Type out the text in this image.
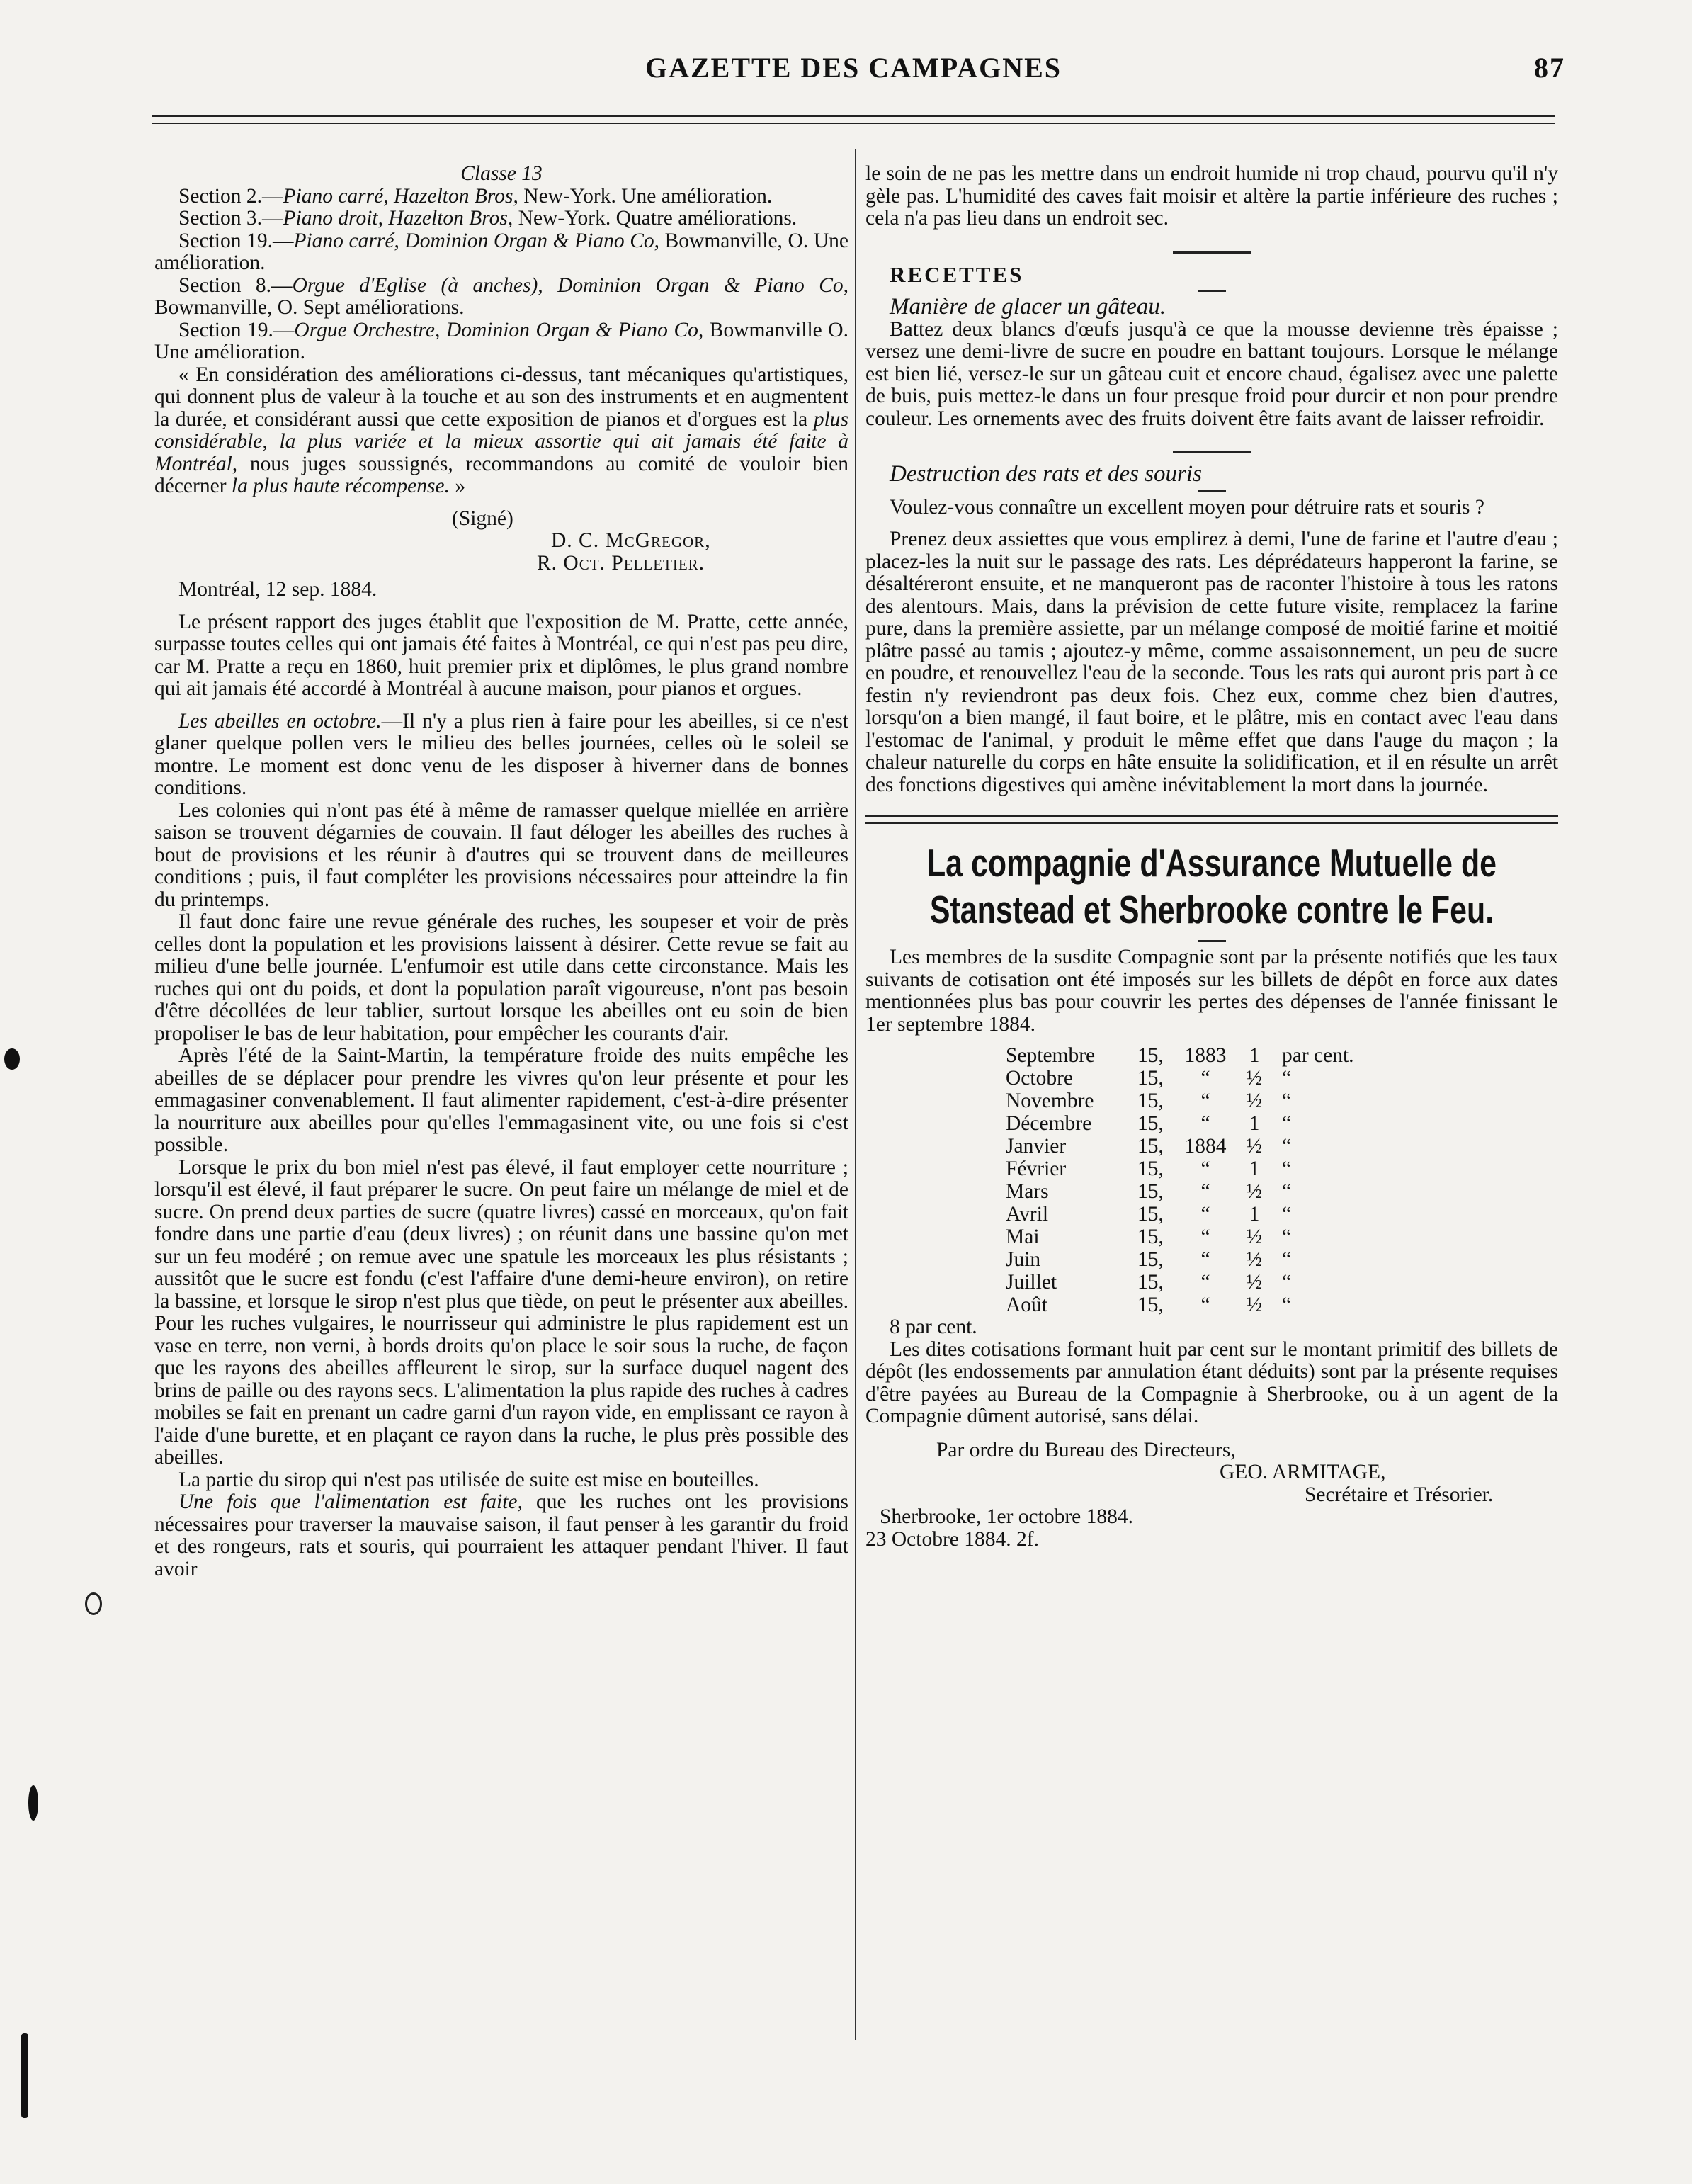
GAZETTE DES CAMPAGNES	87

Classe 13

Section 2.—Piano carré, Hazelton Bros, New-York. Une amélioration.

Section 3.—Piano droit, Hazelton Bros, New-York. Quatre améliorations.

Section 19.—Piano carré, Dominion Organ & Piano Co, Bowmanville, O. Une amélioration.

Section 8.—Orgue d'Eglise (à anches), Dominion Organ & Piano Co, Bowmanville, O. Sept améliorations.

Section 19.—Orgue Orchestre, Dominion Organ & Piano Co, Bowmanville O. Une amélioration.

« En considération des améliorations ci-dessus, tant mécaniques qu'artistiques, qui donnent plus de valeur à la touche et au son des instruments et en augmentent la durée, et considérant aussi que cette exposition de pianos et d'orgues est la plus considérable, la plus variée et la mieux assortie qui ait jamais été faite à Montréal, nous juges soussignés, recommandons au comité de vouloir bien décerner la plus haute récompense. »

(Signé)
D. C. McGregor,
R. Oct. Pelletier.

Montréal, 12 sep. 1884.

Le présent rapport des juges établit que l'exposition de M. Pratte, cette année, surpasse toutes celles qui ont jamais été faites à Montréal, ce qui n'est pas peu dire, car M. Pratte a reçu en 1860, huit premier prix et diplômes, le plus grand nombre qui ait jamais été accordé à Montréal à aucune maison, pour pianos et orgues.

Les abeilles en octobre.—Il n'y a plus rien à faire pour les abeilles, si ce n'est glaner quelque pollen vers le milieu des belles journées, celles où le soleil se montre. Le moment est donc venu de les disposer à hiverner dans de bonnes conditions.

Les colonies qui n'ont pas été à même de ramasser quelque miellée en arrière saison se trouvent dégarnies de couvain. Il faut déloger les abeilles des ruches à bout de provisions et les réunir à d'autres qui se trouvent dans de meilleures conditions ; puis, il faut compléter les provisions nécessaires pour atteindre la fin du printemps.

Il faut donc faire une revue générale des ruches, les soupeser et voir de près celles dont la population et les provisions laissent à désirer. Cette revue se fait au milieu d'une belle journée. L'enfumoir est utile dans cette circonstance. Mais les ruches qui ont du poids, et dont la population paraît vigoureuse, n'ont pas besoin d'être décollées de leur tablier, surtout lorsque les abeilles ont eu soin de bien propoliser le bas de leur habitation, pour empêcher les courants d'air.

Après l'été de la Saint-Martin, la température froide des nuits empêche les abeilles de se déplacer pour prendre les vivres qu'on leur présente et pour les emmagasiner convenablement. Il faut alimenter rapidement, c'est-à-dire présenter la nourriture aux abeilles pour qu'elles l'emmagasinent vite, ou une fois si c'est possible.

Lorsque le prix du bon miel n'est pas élevé, il faut employer cette nourriture ; lorsqu'il est élevé, il faut préparer le sucre. On peut faire un mélange de miel et de sucre. On prend deux parties de sucre (quatre livres) cassé en morceaux, qu'on fait fondre dans une partie d'eau (deux livres) ; on réunit dans une bassine qu'on met sur un feu modéré ; on remue avec une spatule les morceaux les plus résistants ; aussitôt que le sucre est fondu (c'est l'affaire d'une demi-heure environ), on retire la bassine, et lorsque le sirop n'est plus que tiède, on peut le présenter aux abeilles. Pour les ruches vulgaires, le nourrisseur qui administre le plus rapidement est un vase en terre, non verni, à bords droits qu'on place le soir sous la ruche, de façon que les rayons des abeilles affleurent le sirop, sur la surface duquel nagent des brins de paille ou des rayons secs. L'alimentation la plus rapide des ruches à cadres mobiles se fait en prenant un cadre garni d'un rayon vide, en emplissant ce rayon à l'aide d'une burette, et en plaçant ce rayon dans la ruche, le plus près possible des abeilles.

La partie du sirop qui n'est pas utilisée de suite est mise en bouteilles.

Une fois que l'alimentation est faite, que les ruches ont les provisions nécessaires pour traverser la mauvaise saison, il faut penser à les garantir du froid et des rongeurs, rats et souris, qui pourraient les attaquer pendant l'hiver. Il faut avoir

le soin de ne pas les mettre dans un endroit humide ni trop chaud, pourvu qu'il n'y gèle pas. L'humidité des caves fait moisir et altère la partie inférieure des ruches ; cela n'a pas lieu dans un endroit sec.

RECETTES

Manière de glacer un gâteau.

Battez deux blancs d'œufs jusqu'à ce que la mousse devienne très épaisse ; versez une demi-livre de sucre en poudre en battant toujours. Lorsque le mélange est bien lié, versez-le sur un gâteau cuit et encore chaud, égalisez avec une palette de buis, puis mettez-le dans un four presque froid pour durcir et non pour prendre couleur. Les ornements avec des fruits doivent être faits avant de laisser refroidir.

Destruction des rats et des souris

Voulez-vous connaître un excellent moyen pour détruire rats et souris ?

Prenez deux assiettes que vous emplirez à demi, l'une de farine et l'autre d'eau ; placez-les la nuit sur le passage des rats. Les déprédateurs happeront la farine, se désaltéreront ensuite, et ne manqueront pas de raconter l'histoire à tous les ratons des alentours. Mais, dans la prévision de cette future visite, remplacez la farine pure, dans la première assiette, par un mélange composé de moitié farine et moitié plâtre passé au tamis ; ajoutez-y même, comme assaisonnement, un peu de sucre en poudre, et renouvellez l'eau de la seconde. Tous les rats qui auront pris part à ce festin n'y reviendront pas deux fois. Chez eux, comme chez bien d'autres, lorsqu'on a bien mangé, il faut boire, et le plâtre, mis en contact avec l'eau dans l'estomac de l'animal, y produit le même effet que dans l'auge du maçon ; la chaleur naturelle du corps en hâte ensuite la solidification, et il en résulte un arrêt des fonctions digestives qui amène inévitablement la mort dans la journée.

La compagnie d'Assurance Mutuelle de Stanstead et Sherbrooke contre le Feu.

Les membres de la susdite Compagnie sont par la présente notifiés que les taux suivants de cotisation ont été imposés sur les billets de dépôt en force aux dates mentionnées plus bas pour couvrir les pertes des dépenses de l'année finissant le 1er septembre 1884.

Septembre	15,	1883	1	par cent.
Octobre	15,	“	½	“
Novembre	15,	“	½	“
Décembre	15,	“	1	“
Janvier	15,	1884	½	“
Février	15,	“	1	“
Mars	15,	“	½	“
Avril	15,	“	1	“
Mai	15,	“	½	“
Juin	15,	“	½	“
Juillet	15,	“	½	“
Août	15,	“	½	“

8 par cent.

Les dites cotisations formant huit par cent sur le montant primitif des billets de dépôt (les endossements par annulation étant déduits) sont par la présente requises d'être payées au Bureau de la Compagnie à Sherbrooke, ou à un agent de la Compagnie dûment autorisé, sans délai.

Par ordre du Bureau des Directeurs,

GEO. ARMITAGE,

Secrétaire et Trésorier.

Sherbrooke, 1er octobre 1884.

23 Octobre 1884. 2f.
